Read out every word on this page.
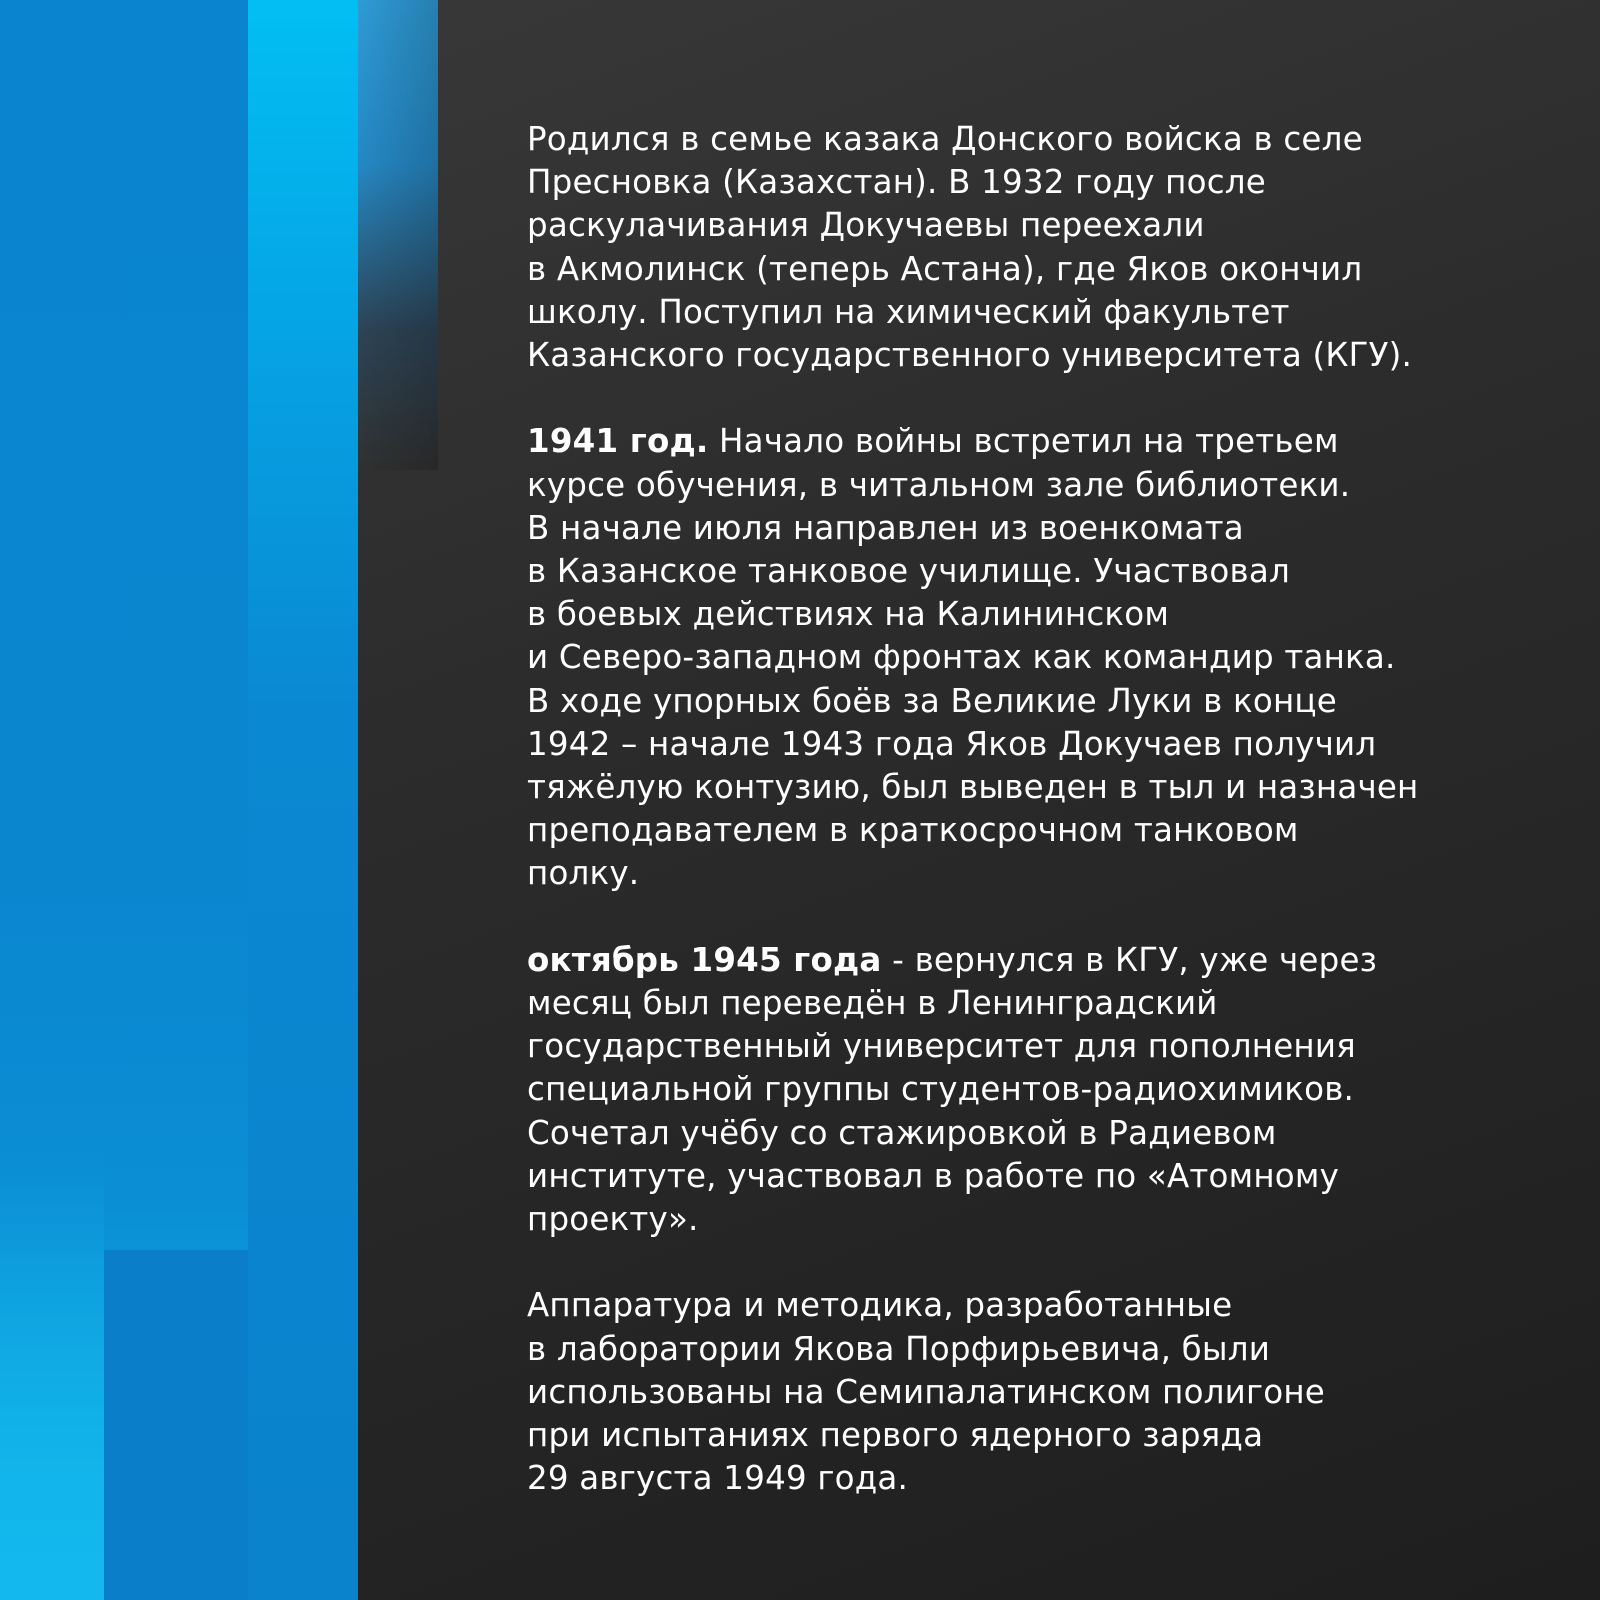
Родился в семье казака Донского войска в селе
Пресновка (Казахстан). В 1932 году после
раскулачивания Докучаевы переехали
в Акмолинск (теперь Астана), где Яков окончил
школу. Поступил на химический факультет
Казанского государственного университета (КГУ).

1941 год. Начало войны встретил на третьем
курсе обучения, в читальном зале библиотеки.
В начале июля направлен из военкомата
в Казанское танковое училище. Участвовал
в боевых действиях на Калининском
и Северо-западном фронтах как командир танка.
В ходе упорных боёв за Великие Луки в конце
1942 – начале 1943 года Яков Докучаев получил
тяжёлую контузию, был выведен в тыл и назначен
преподавателем в краткосрочном танковом
полку.

октябрь 1945 года - вернулся в КГУ, уже через
месяц был переведён в Ленинградский
государственный университет для пополнения
специальной группы студентов-радиохимиков.
Сочетал учёбу со стажировкой в Радиевом
институте, участвовал в работе по «Атомному
проекту».

Аппаратура и методика, разработанные
в лаборатории Якова Порфирьевича, были
использованы на Семипалатинском полигоне
при испытаниях первого ядерного заряда
29 августа 1949 года.
